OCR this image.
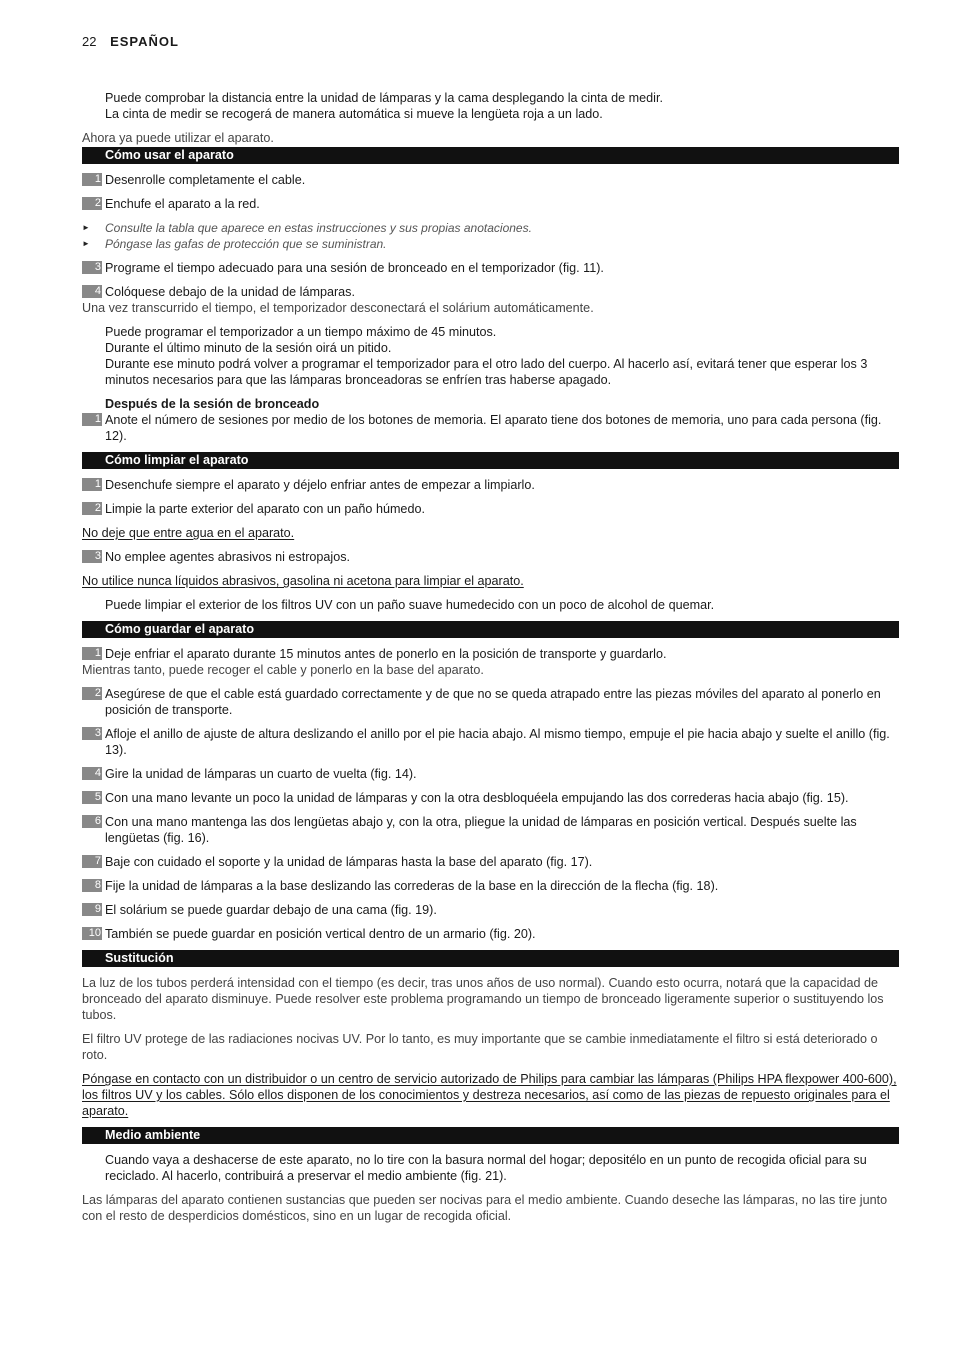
22 ESPAÑOL

Puede comprobar la distancia entre la unidad de lámparas y la cama desplegando la cinta de medir.

La cinta de medir se recogerá de manera automática si mueve la lengüeta roja a un lado.

Ahora ya puede utilizar el aparato.

Cómo usar el aparato

1 Desenrolle completamente el cable.
2 Enchufe el aparato a la red.
►	Consulte la tabla que aparece en estas instrucciones y sus propias anotaciones.
►	Póngase las gafas de protección que se suministran.
3 Programe el tiempo adecuado para una sesión de bronceado en el temporizador (fig. 11).
4 Colóquese debajo de la unidad de lámparas.

Una vez transcurrido el tiempo, el temporizador desconectará el solárium automáticamente.

Puede programar el temporizador a un tiempo máximo de 45 minutos.

Durante el último minuto de la sesión oirá un pitido.

Durante ese minuto podrá volver a programar el temporizador para el otro lado del cuerpo. Al hacerlo así, evitará tener que esperar los 3 minutos necesarios para que las lámparas bronceadoras se enfríen tras haberse apagado.

Después de la sesión de bronceado

1 Anote el número de sesiones por medio de los botones de memoria. El aparato tiene dos botones de memoria, uno para cada persona (fig. 12).

Cómo limpiar el aparato

1 Desenchufe siempre el aparato y déjelo enfriar antes de empezar a limpiarlo.
2 Limpie la parte exterior del aparato con un paño húmedo.

No deje que entre agua en el aparato.

3 No emplee agentes abrasivos ni estropajos.

No utilice nunca líquidos abrasivos, gasolina ni acetona para limpiar el aparato.

Puede limpiar el exterior de los filtros UV con un paño suave humedecido con un poco de alcohol de quemar.

Cómo guardar el aparato

1 Deje enfriar el aparato durante 15 minutos antes de ponerlo en la posición de transporte y guardarlo.

Mientras tanto, puede recoger el cable y ponerlo en la base del aparato.

2 Asegúrese de que el cable está guardado correctamente y de que no se queda atrapado entre las piezas móviles del aparato al ponerlo en posición de transporte.
3 Afloje el anillo de ajuste de altura deslizando el anillo por el pie hacia abajo. Al mismo tiempo, empuje el pie hacia abajo y suelte el anillo (fig. 13).
4 Gire la unidad de lámparas un cuarto de vuelta (fig. 14).
5 Con una mano levante un poco la unidad de lámparas y con la otra desbloquéela empujando las dos correderas hacia abajo (fig. 15).
6 Con una mano mantenga las dos lengüetas abajo y, con la otra, pliegue la unidad de lámparas en posición vertical. Después suelte las lengüetas (fig. 16).
7 Baje con cuidado el soporte y la unidad de lámparas hasta la base del aparato (fig. 17).
8 Fije la unidad de lámparas a la base deslizando las correderas de la base en la dirección de la flecha (fig. 18).
9 El solárium se puede guardar debajo de una cama (fig. 19).
10 También se puede guardar en posición vertical dentro de un armario (fig. 20).

Sustitución

La luz de los tubos perderá intensidad con el tiempo (es decir, tras unos años de uso normal). Cuando esto ocurra, notará que la capacidad de bronceado del aparato disminuye. Puede resolver este problema programando un tiempo de bronceado ligeramente superior o sustituyendo los tubos.

El filtro UV protege de las radiaciones nocivas UV. Por lo tanto, es muy importante que se cambie inmediatamente el filtro si está deteriorado o roto.

Póngase en contacto con un distribuidor o un centro de servicio autorizado de Philips para cambiar las lámparas (Philips HPA flexpower 400-600), los filtros UV y los cables. Sólo ellos disponen de los conocimientos y destreza necesarios, así como de las piezas de repuesto originales para el aparato.

Medio ambiente

Cuando vaya a deshacerse de este aparato, no lo tire con la basura normal del hogar; depositélo en un punto de recogida oficial para su reciclado. Al hacerlo, contribuirá a preservar el medio ambiente (fig. 21).

Las lámparas del aparato contienen sustancias que pueden ser nocivas para el medio ambiente. Cuando deseche las lámparas, no las tire junto con el resto de desperdicios domésticos, sino en un lugar de recogida oficial.
